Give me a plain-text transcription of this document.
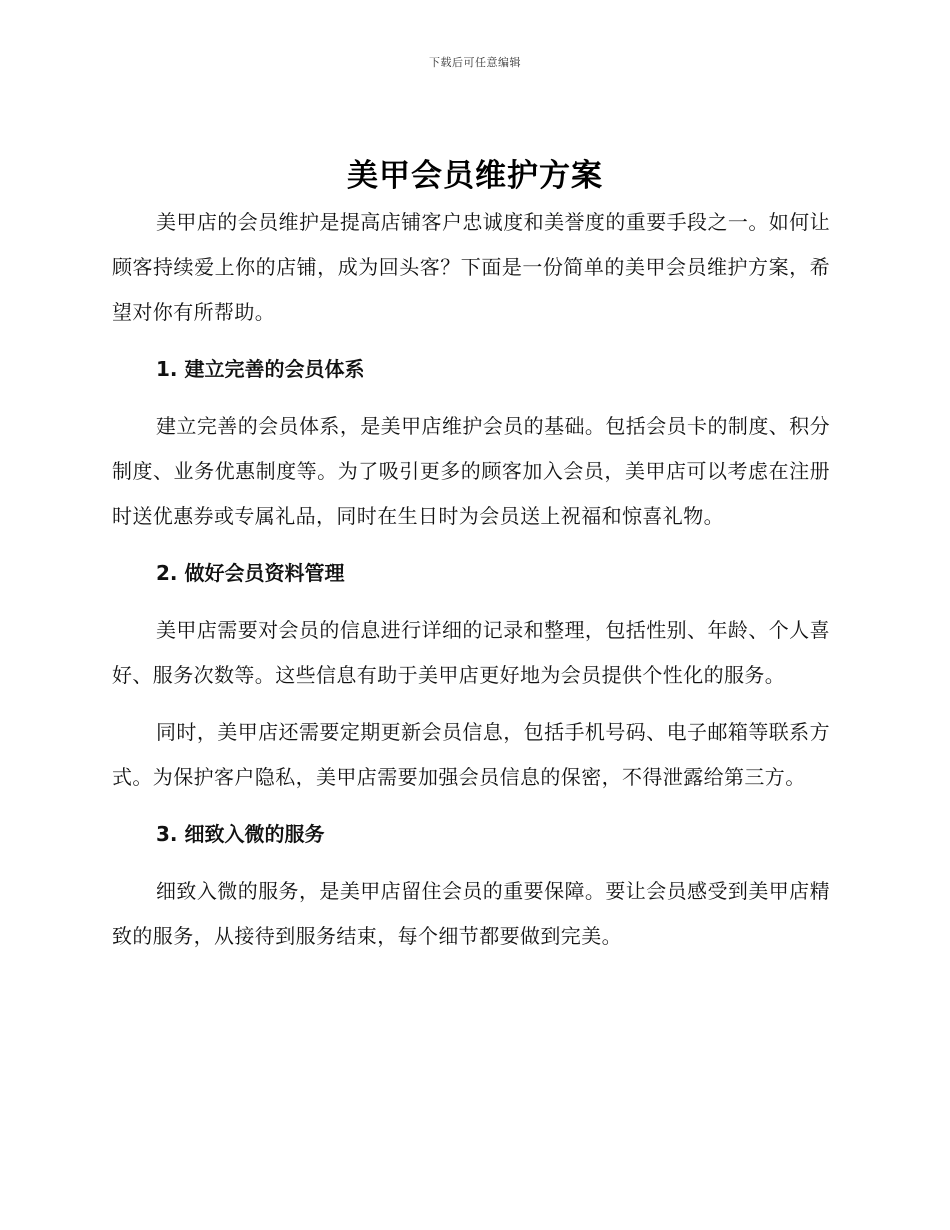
下载后可任意编辑
美甲会员维护方案

美甲店的会员维护是提高店铺客户忠诚度和美誉度的重要手段之一。如何让顾客持续爱上你的店铺，成为回头客？下面是一份简单的美甲会员维护方案，希望对你有所帮助。

1. 建立完善的会员体系

建立完善的会员体系，是美甲店维护会员的基础。包括会员卡的制度、积分制度、业务优惠制度等。为了吸引更多的顾客加入会员，美甲店可以考虑在注册时送优惠券或专属礼品，同时在生日时为会员送上祝福和惊喜礼物。

2. 做好会员资料管理

美甲店需要对会员的信息进行详细的记录和整理，包括性别、年龄、个人喜好、服务次数等。这些信息有助于美甲店更好地为会员提供个性化的服务。

同时，美甲店还需要定期更新会员信息，包括手机号码、电子邮箱等联系方式。为保护客户隐私，美甲店需要加强会员信息的保密，不得泄露给第三方。

3. 细致入微的服务

细致入微的服务，是美甲店留住会员的重要保障。要让会员感受到美甲店精致的服务，从接待到服务结束，每个细节都要做到完美。
